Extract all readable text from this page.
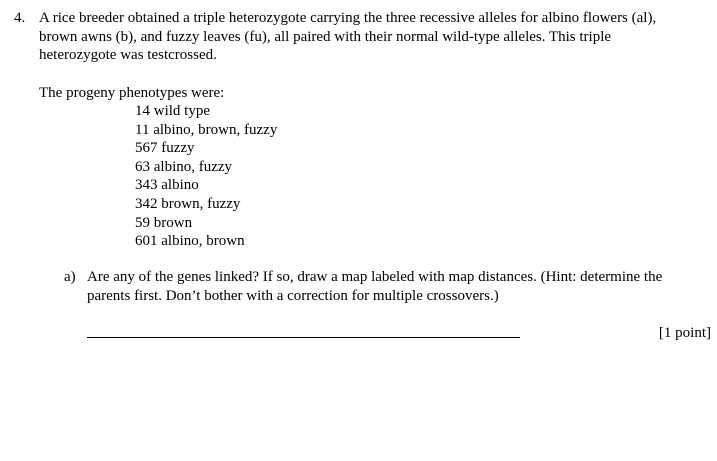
4. A rice breeder obtained a triple heterozygote carrying the three recessive alleles for albino flowers (al),
brown awns (b), and fuzzy leaves (fu), all paired with their normal wild-type alleles. This triple
heterozygote was testcrossed.
The progeny phenotypes were:
14 wild type
11 albino, brown, fuzzy
567 fuzzy
63 albino, fuzzy
343 albino
342 brown, fuzzy
59 brown
601 albino, brown
a) Are any of the genes linked? If so, draw a map labeled with map distances. (Hint: determine the
parents first. Don’t bother with a correction for multiple crossovers.)
[1 point]
